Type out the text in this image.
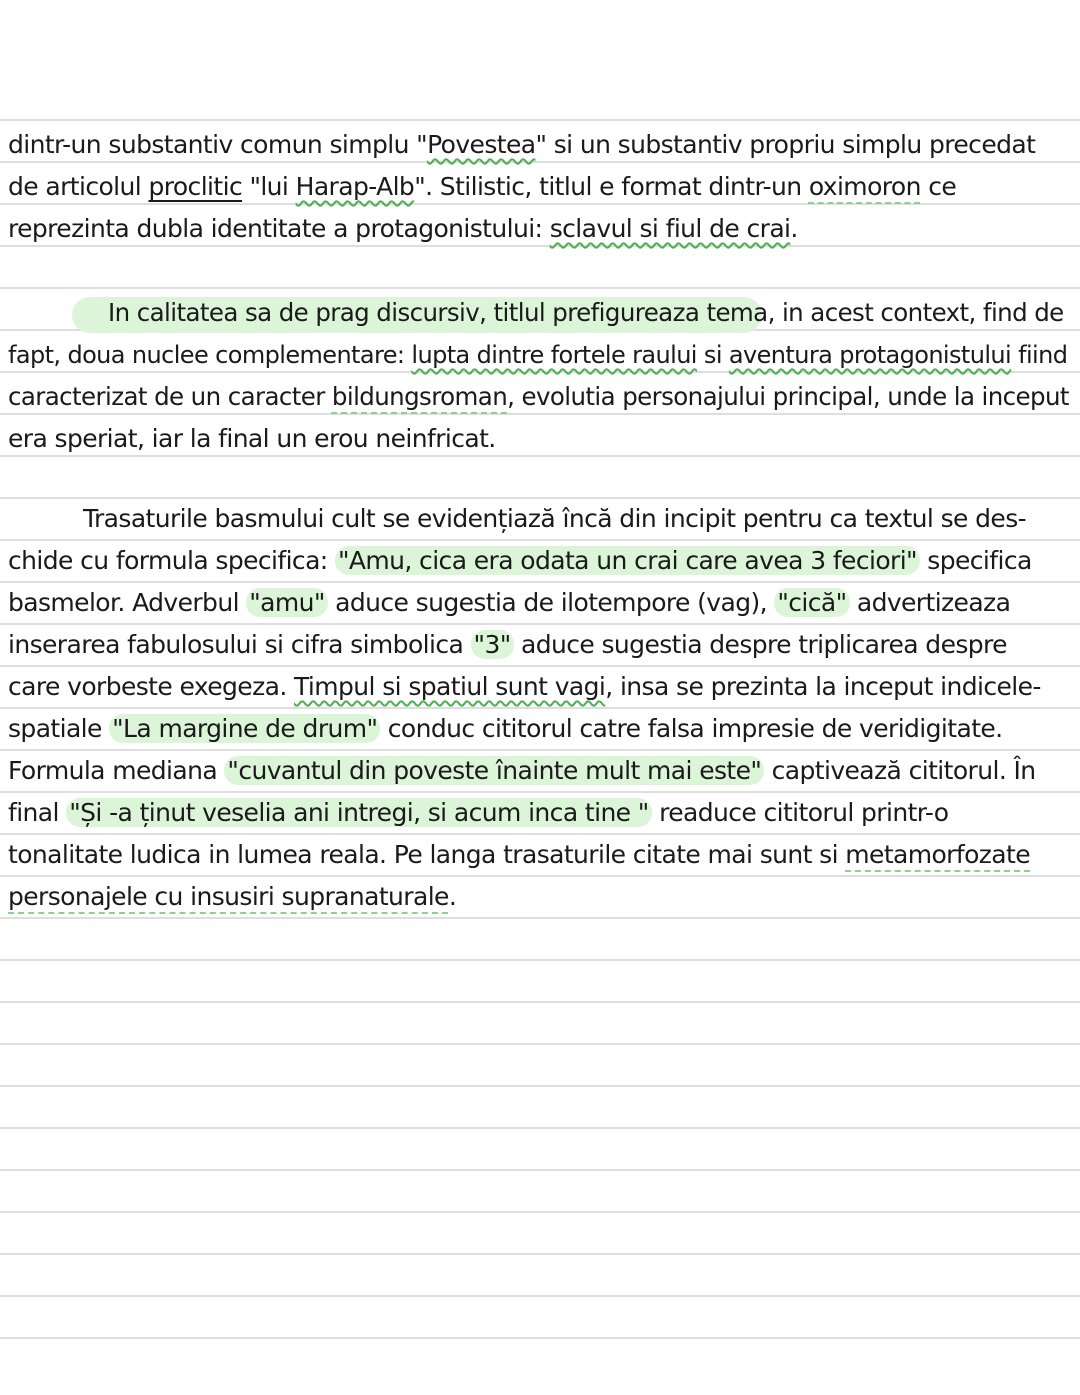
dintr-un substantiv comun simplu "Povestea" si un substantiv propriu simplu precedat
de articolul proclitic "lui Harap-Alb". Stilistic, titlul e format dintr-un oximoron ce
reprezinta dubla identitate a protagonistului: sclavul si fiul de crai.
In calitatea sa de prag discursiv, titlul prefigureaza tema, in acest context, find de
fapt, doua nuclee complementare: lupta dintre fortele raului si aventura protagonistului fiind
caracterizat de un caracter bildungsroman, evolutia personajului principal, unde la inceput
era speriat, iar la final un erou neinfricat.
Trasaturile basmului cult se evidențiază încă din incipit pentru ca textul se des-
chide cu formula specifica: "Amu, cica era odata un crai care avea 3 feciori" specifica
basmelor. Adverbul "amu" aduce sugestia de ilotempore (vag), "cică" advertizeaza
inserarea fabulosului si cifra simbolica "3" aduce sugestia despre triplicarea despre
care vorbeste exegeza. Timpul si spatiul sunt vagi, insa se prezinta la inceput indicele-
spatiale "La margine de drum" conduc cititorul catre falsa impresie de veridigitate.
Formula mediana "cuvantul din poveste înainte mult mai este" captivează cititorul. În
final "Și -a ținut veselia ani intregi, si acum inca tine " readuce cititorul printr-o
tonalitate ludica in lumea reala. Pe langa trasaturile citate mai sunt si metamorfozate
personajele cu insusiri supranaturale.
